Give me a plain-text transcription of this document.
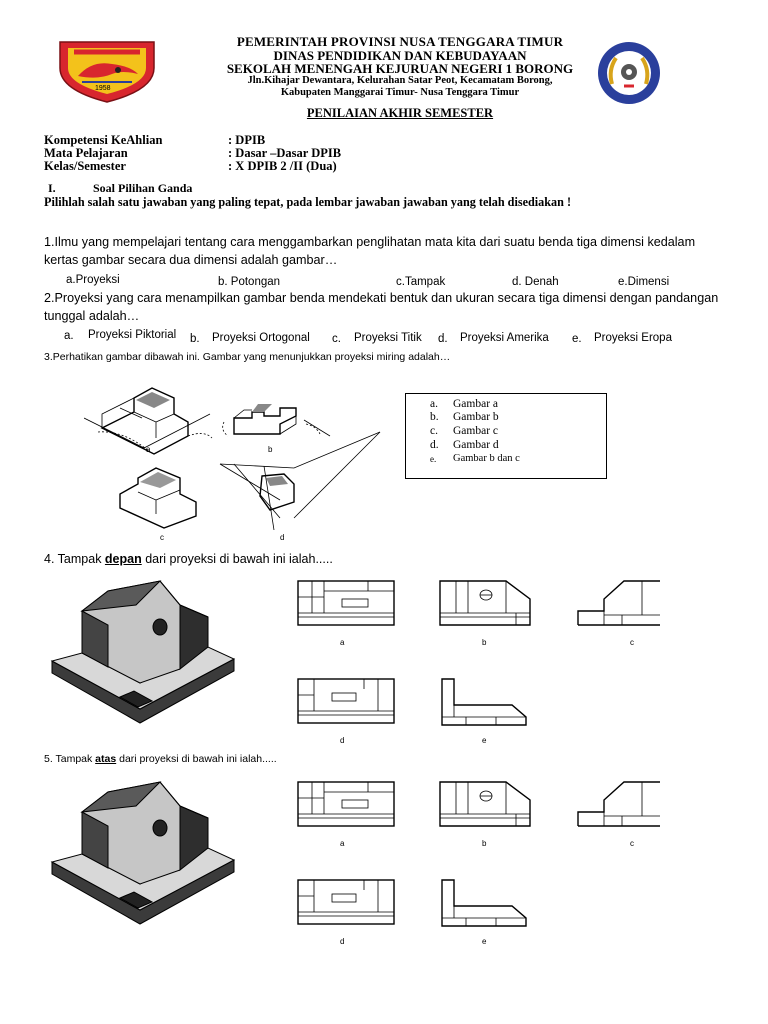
1958
PEMERINTAH PROVINSI NUSA TENGGARA TIMUR
DINAS PENDIDIKAN DAN KEBUDAYAAN
SEKOLAH MENENGAH KEJURUAN NEGERI 1 BORONG
Jln.Kihajar Dewantara, Kelurahan Satar Peot, Kecamatam Borong,
Kabupaten Manggarai Timur- Nusa Tenggara Timur
PENILAIAN AKHIR SEMESTER
Kompetensi KeAhlian	: DPIB
Mata Pelajaran	: Dasar –Dasar DPIB
Kelas/Semester	: X DPIB 2 /II (Dua)
I.	Soal Pilihan Ganda
Pilihlah salah satu jawaban yang paling tepat, pada lembar jawaban jawaban yang telah disediakan !
1.Ilmu yang mempelajari tentang cara menggambarkan penglihatan mata kita dari suatu benda tiga dimensi kedalam kertas gambar secara dua dimensi adalah gambar…
a.Proyeksi	b. Potongan	c.Tampak	d. Denah	e.Dimensi
2.Proyeksi yang cara menampilkan gambar benda mendekati bentuk dan ukuran secara tiga dimensi dengan pandangan tunggal adalah…
a. Proyeksi Piktorial b. Proyeksi Ortogonal c. Proyeksi Titik d. Proyeksi Amerika e. Proyeksi Eropa
3.Perhatikan gambar dibawah ini. Gambar yang menunjukkan proyeksi miring adalah…
a	b
c	d
a. Gambar a
b. Gambar b
c. Gambar c
d. Gambar d
e. Gambar b dan c
4. Tampak depan dari proyeksi di bawah ini ialah.....
5. Tampak atas dari proyeksi di bawah ini ialah.....
a	b	c
d	e
a	b	c
d	e
